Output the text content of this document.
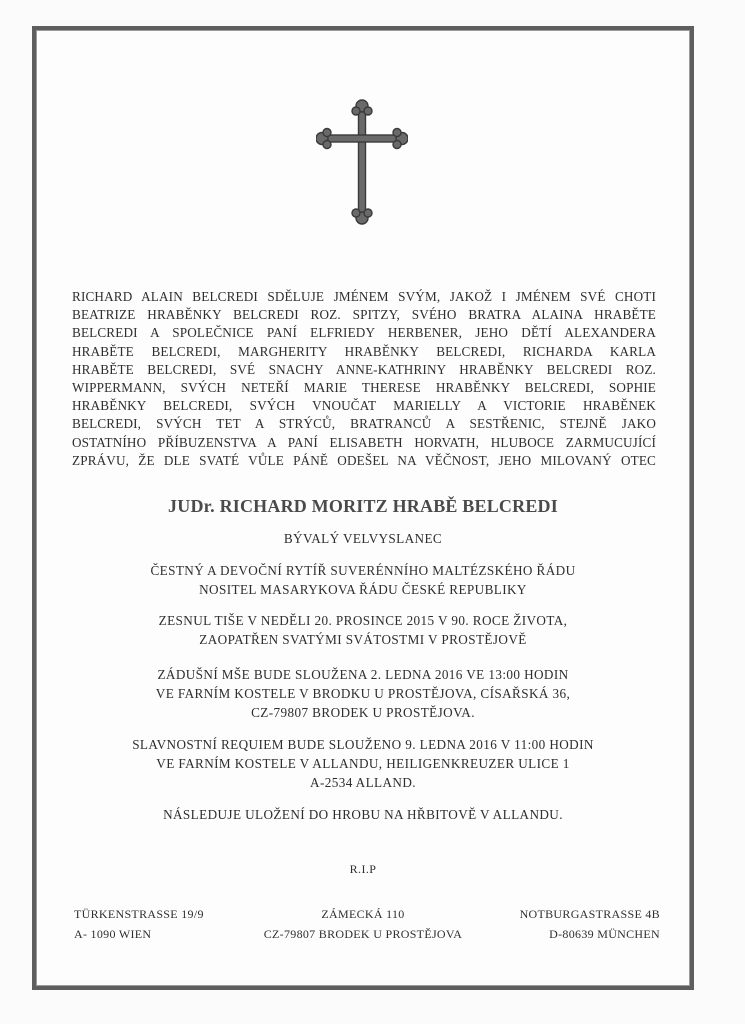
RICHARD ALAIN BELCREDI SDĚLUJE JMÉNEM SVÝM, JAKOŽ I JMÉNEM SVÉ CHOTI
BEATRIZE HRABĚNKY BELCREDI ROZ. SPITZY, SVÉHO BRATRA ALAINA HRABĚTE
BELCREDI A SPOLEČNICE PANÍ ELFRIEDY HERBENER, JEHO DĚTÍ ALEXANDERA
HRABĚTE BELCREDI, MARGHERITY HRABĚNKY BELCREDI, RICHARDA KARLA
HRABĚTE BELCREDI, SVÉ SNACHY ANNE-KATHRINY HRABĚNKY BELCREDI ROZ.
WIPPERMANN, SVÝCH NETEŘÍ MARIE THERESE HRABĚNKY BELCREDI, SOPHIE
HRABĚNKY BELCREDI, SVÝCH VNOUČAT MARIELLY A VICTORIE HRABĚNEK
BELCREDI, SVÝCH TET A STRÝCŮ, BRATRANCŮ A SESTŘENIC, STEJNĚ JAKO
OSTATNÍHO PŘÍBUZENSTVA A PANÍ ELISABETH HORVATH, HLUBOCE ZARMUCUJÍCÍ
ZPRÁVU, ŽE DLE SVATÉ VŮLE PÁNĚ ODEŠEL NA VĚČNOST, JEHO MILOVANÝ OTEC
JUDr. RICHARD MORITZ HRABĚ BELCREDI
BÝVALÝ VELVYSLANEC
ČESTNÝ A DEVOČNÍ RYTÍŘ SUVERÉNNÍHO MALTÉZSKÉHO ŘÁDU
NOSITEL MASARYKOVA ŘÁDU ČESKÉ REPUBLIKY
ZESNUL TIŠE V NEDĚLI 20. PROSINCE 2015 V 90. ROCE ŽIVOTA,
ZAOPATŘEN SVATÝMI SVÁTOSTMI V PROSTĚJOVĚ
ZÁDUŠNÍ MŠE BUDE SLOUŽENA 2. LEDNA 2016 VE 13:00 HODIN
VE FARNÍM KOSTELE V BRODKU U PROSTĚJOVA, CÍSAŘSKÁ 36,
CZ-79807 BRODEK U PROSTĚJOVA.
SLAVNOSTNÍ REQUIEM BUDE SLOUŽENO 9. LEDNA 2016 V 11:00 HODIN
VE FARNÍM KOSTELE V ALLANDU, HEILIGENKREUZER ULICE 1
A-2534 ALLAND.
NÁSLEDUJE ULOŽENÍ DO HROBU NA HŘBITOVĚ V ALLANDU.
R.I.P
TÜRKENSTRASSE 19/9
A- 1090 WIEN
ZÁMECKÁ 110
CZ-79807 BRODEK U PROSTĚJOVA
NOTBURGASTRASSE 4B
D-80639 MÜNCHEN
